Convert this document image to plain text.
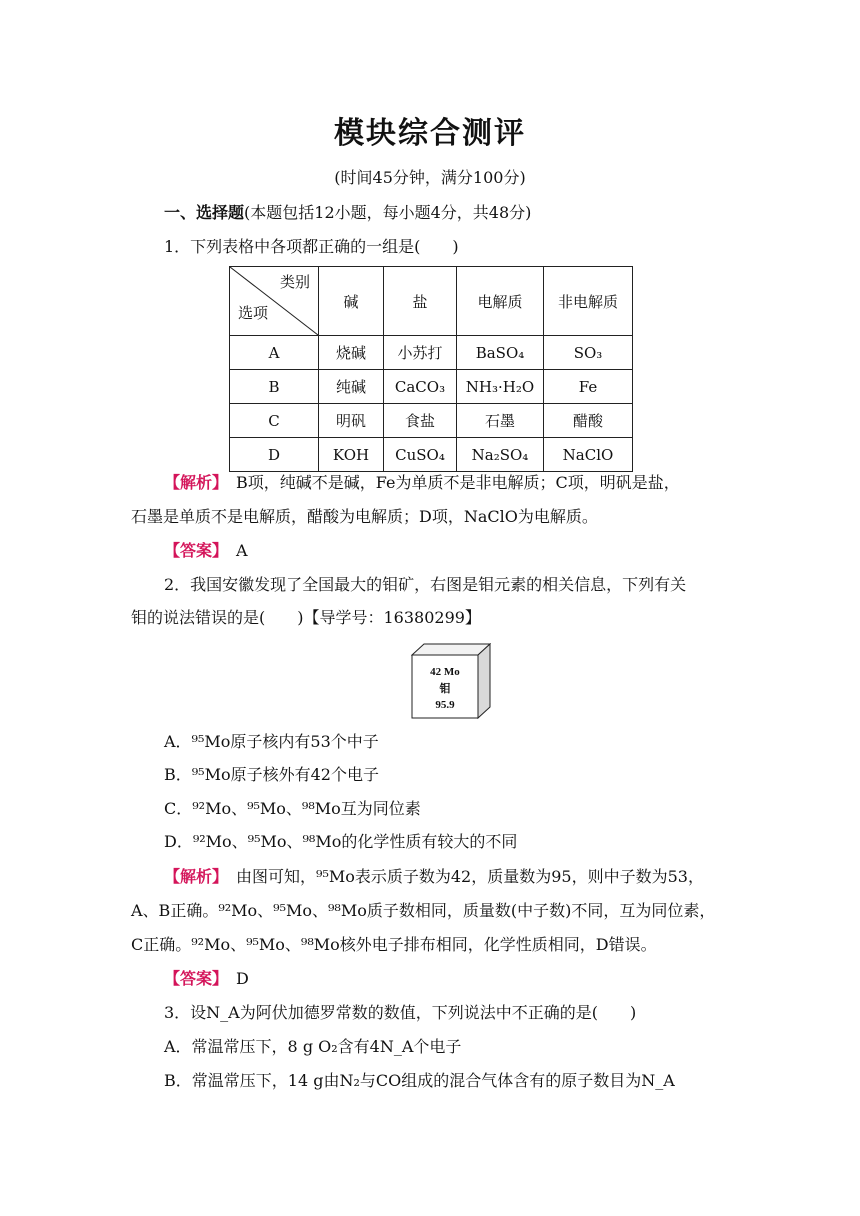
模块综合测评
(时间45分钟，满分100分)
一、选择题(本题包括12小题，每小题4分，共48分)
1．下列表格中各项都正确的一组是(　　)
类别
选项	碱	盐	电解质	非电解质
A	烧碱	小苏打	BaSO₄	SO₃
B	纯碱	CaCO₃	NH₃·H₂O	Fe
C	明矾	食盐	石墨	醋酸
D	KOH	CuSO₄	Na₂SO₄	NaClO
【解析】　 B项，纯碱不是碱，Fe为单质不是非电解质；C项，明矾是盐，
石墨是单质不是电解质，醋酸为电解质；D项，NaClO为电解质。
【答案】　 A
2．我国安徽发现了全国最大的钼矿，右图是钼元素的相关信息，下列有关
钼的说法错误的是(　　)【导学号：16380299】
42 Mo
钼
95.9
A．⁹⁵Mo原子核内有53个中子
B．⁹⁵Mo原子核外有42个电子
C．⁹²Mo、⁹⁵Mo、⁹⁸Mo互为同位素
D．⁹²Mo、⁹⁵Mo、⁹⁸Mo的化学性质有较大的不同
【解析】　 由图可知，⁹⁵Mo表示质子数为42，质量数为95，则中子数为53，
A、B正确。⁹²Mo、⁹⁵Mo、⁹⁸Mo质子数相同，质量数(中子数)不同，互为同位素，
C正确。⁹²Mo、⁹⁵Mo、⁹⁸Mo核外电子排布相同，化学性质相同，D错误。
【答案】　 D
3．设N_A为阿伏加德罗常数的数值，下列说法中不正确的是(　　)
A．常温常压下，8 g O₂含有4N_A个电子
B．常温常压下，14 g由N₂与CO组成的混合气体含有的原子数目为N_A
